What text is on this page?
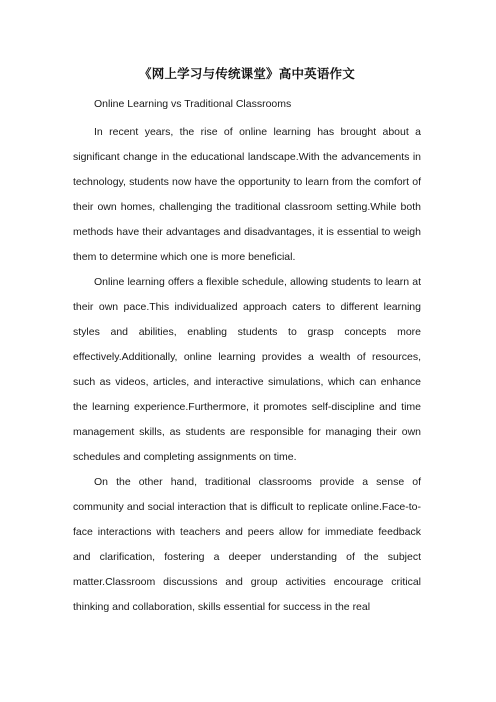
《网上学习与传统课堂》高中英语作文

Online Learning vs Traditional Classrooms

In recent years, the rise of online learning has brought about a significant change in the educational landscape.With the advancements in technology, students now have the opportunity to learn from the comfort of their own homes, challenging the traditional classroom setting.While both methods have their advantages and disadvantages, it is essential to weigh them to determine which one is more beneficial.

Online learning offers a flexible schedule, allowing students to learn at their own pace.This individualized approach caters to different learning styles and abilities, enabling students to grasp concepts more effectively.Additionally, online learning provides a wealth of resources, such as videos, articles, and interactive simulations, which can enhance the learning experience.Furthermore, it promotes self-discipline and time management skills, as students are responsible for managing their own schedules and completing assignments on time.

On the other hand, traditional classrooms provide a sense of community and social interaction that is difficult to replicate online.Face-to-face interactions with teachers and peers allow for immediate feedback and clarification, fostering a deeper understanding of the subject matter.Classroom discussions and group activities encourage critical thinking and collaboration, skills essential for success in the real
